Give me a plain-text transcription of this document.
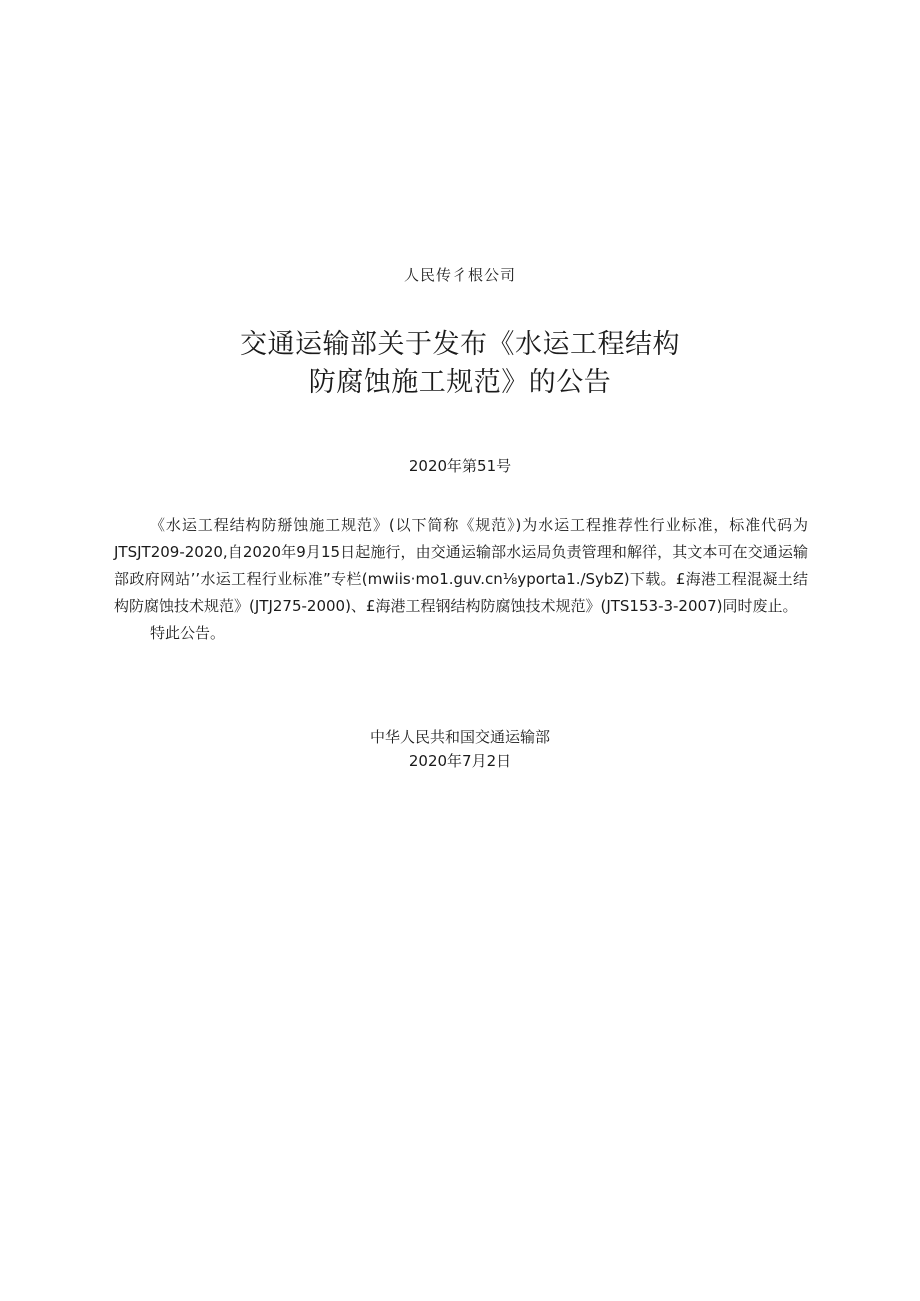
人民传彳根公司
交通运输部关于发布《水运工程结构
防腐蚀施工规范》的公告
2020年第51号

《水运工程结构防掰蚀施工规范》(以下简称《规范》)为水运工程推荐性行业标准，标准代码为JTSJT209-2020,自2020年9月15日起施行，由交通运输部水运局负责管理和解徉，其文本可在交通运输部政府网站’’水运工程行业标准”专栏(mwiis·mo1.guv.cn⅛yporta1./SybZ)下载。£海港工程混凝土结构防腐蚀技术规范》(JTJ275-2000)、£海港工程钢结构防腐蚀技术规范》(JTS153-3-2007)同时废止。

特此公告。

中华人民共和国交通运输部
2020年7月2日
